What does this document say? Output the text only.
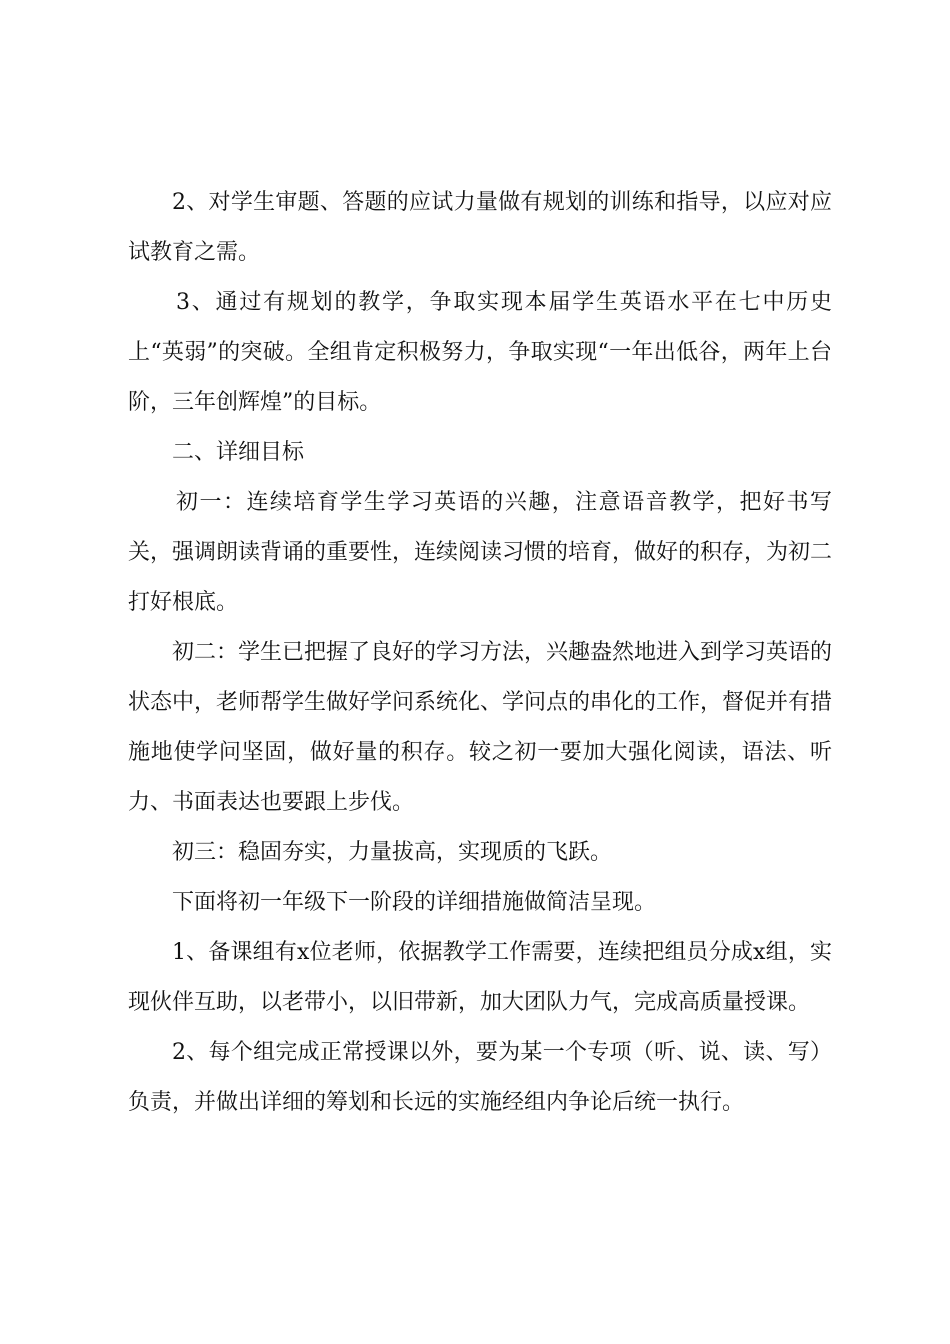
2、对学生审题、答题的应试力量做有规划的训练和指导，以应对应试教育之需。

3、通过有规划的教学，争取实现本届学生英语水平在七中历史上“英弱”的突破。全组肯定积极努力，争取实现“一年出低谷，两年上台阶，三年创辉煌”的目标。

二、详细目标

初一：连续培育学生学习英语的兴趣，注意语音教学，把好书写关，强调朗读背诵的重要性，连续阅读习惯的培育，做好的积存，为初二打好根底。

初二：学生已把握了良好的学习方法，兴趣盎然地进入到学习英语的状态中，老师帮学生做好学问系统化、学问点的串化的工作，督促并有措施地使学问坚固，做好量的积存。较之初一要加大强化阅读，语法、听力、书面表达也要跟上步伐。

初三：稳固夯实，力量拔高，实现质的飞跃。

下面将初一年级下一阶段的详细措施做简洁呈现。

1、备课组有x位老师，依据教学工作需要，连续把组员分成x组，实现伙伴互助，以老带小，以旧带新，加大团队力气，完成高质量授课。

2、每个组完成正常授课以外，要为某一个专项（听、说、读、写）负责，并做出详细的筹划和长远的实施经组内争论后统一执行。
